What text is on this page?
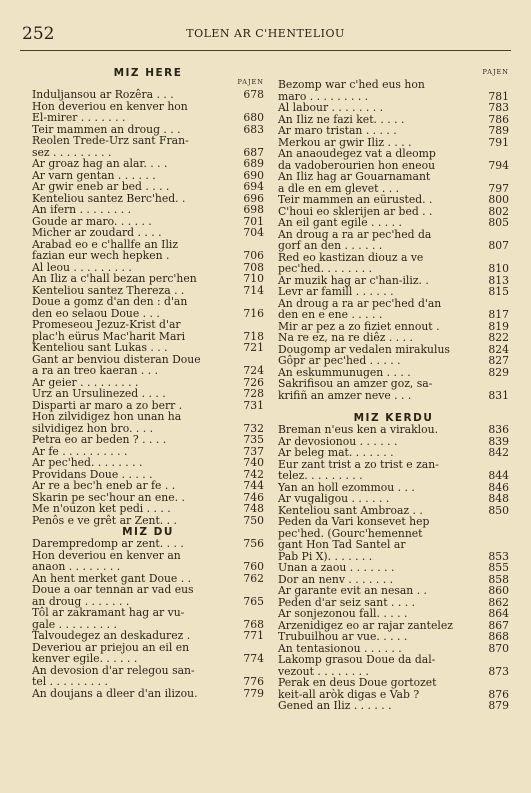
252	TOLEN AR C'HENTELIOU
MIZ HERE
PAJEN
Induljansou ar Rozêra . . .	678
Hon deveriou en kenver hon
El-mirer . . . . . . .	680
Teir mammen an droug . . .	683
Reolen Trede-Urz sant Fran-
sez . . . . . . . . .	687
Ar groaz hag an alar. . . .	689
Ar varn gentan . . . . . .	690
Ar gwir eneb ar bed . . . .	694
Kenteliou santez Berc'hed. .	696
An ifern . . . . . . . .	698
Goude ar maro. . . . . .	701
Micher ar zoudard . . . .	704
Arabad eo e c'hallfe an Iliz
fazian eur wech hepken .	706
Al leou . . . . . . . . .	708
An Iliz a c'hall bezan perc'hen	710
Kenteliou santez Thereza . .	714
Doue a gomz d'an den : d'an
den eo selaou Doue . . .	716
Promeseou Jezuz-Krist d'ar
plac'h eürus Mac'harit Mari	718
Kenteliou sant Lukas . . .	721
Gant ar benviou disteran Doue
a ra an treo kaeran . . .	724
Ar geier . . . . . . . . .	726
Urz an Ursulinezed . . . .	728
Disparti ar maro a zo berr .	731
Hon zilvidigez hon unan ha
silvidigez hon bro. . . .	732
Petra eo ar beden ? . . . .	735
Ar fe . . . . . . . . . .	737
Ar pec'hed. . . . . . . .	740
Providans Doue . . . . .	742
Ar re a bec'h eneb ar fe . .	744
Skarin pe sec'hour an ene. .	746
Me n'ouzon ket pedi . . . .	748
Penôs e ve grêt ar Zent. . .	750
MIZ DU
Darempredomp ar zent. . . .	756
Hon deveriou en kenver an
anaon . . . . . . . .	760
An hent merket gant Doue . .	762
Doue a oar tennan ar vad eus
an droug . . . . . . .	765
Tôl ar zakramant hag ar vu-
gale . . . . . . . . .	768
Talvoudegez an deskadurez .	771
Deveriou ar priejou an eil en
kenver egile. . . . . .	774
An devosion d'ar relegou san-
tel . . . . . . . . .	776
An doujans a dleer d'an ilizou.	779
PAJEN
Bezomp war c'hed eus hon
maro . . . . . . . . .	781
Al labour . . . . . . . .	783
An Iliz ne fazi ket. . . . .	786
Ar maro tristan . . . . .	789
Merkou ar gwir Iliz . . . .	791
An anaoudegez vat a dleomp
da vadoberourien hon eneou	794
An Iliz hag ar Gouarnamant
a dle en em glevet . . .	797
Teir mammen an eürusted. .	800
C'houi eo sklerijen ar bed . .	802
An eil gant egile . . . . .	805
An droug a ra ar pec'hed da
gorf an den . . . . . .	807
Red eo kastizan diouz a ve
pec'hed. . . . . . . .	810
Ar muzik hag ar c'han-iliz. .	813
Levr ar famill . . . . . .	815
An droug a ra ar pec'hed d'an
den en e ene . . . . .	817
Mir ar pez a zo fiziet ennout .	819
Na re ez, na re diêz . . . .	822
Dougomp ar vedalen mirakulus	824
Gôpr ar pec'hed . . . . .	827
An eskummunugen . . . .	829
Sakrifisou an amzer goz, sa-
krifiñ an amzer neve . . .	831
MIZ KERDU
Breman n'eus ken a viraklou.	836
Ar devosionou . . . . . .	839
Ar beleg mat. . . . . . .	842
Eur zant trist a zo trist e zan-
telez. . . . . . . . .	844
Yan an holl ezommou . . .	846
Ar vugaligou . . . . . .	848
Kenteliou sant Ambroaz . .	850
Peden da Vari konsevet hep
pec'hed. (Gourc'hemennet
gant Hon Tad Santel ar
Pab Pi X). . . . . . .	853
Unan a zaou . . . . . . .	855
Dor an nenv . . . . . . .	858
Ar garante evit an nesan . .	860
Peden d'ar seiz sant . . . .	862
Ar sonjezonou fall. . . . .	864
Arzenidigez eo ar rajar zantelez	867
Trubuilhou ar vue. . . . .	868
An tentasionou . . . . . .	870
Lakomp grasou Doue da dal-
vezout . . . . . . . .	873
Perak en deus Doue gortozet
keit-all aròk digas e Vab ?	876
Gened an Iliz . . . . . .	879
